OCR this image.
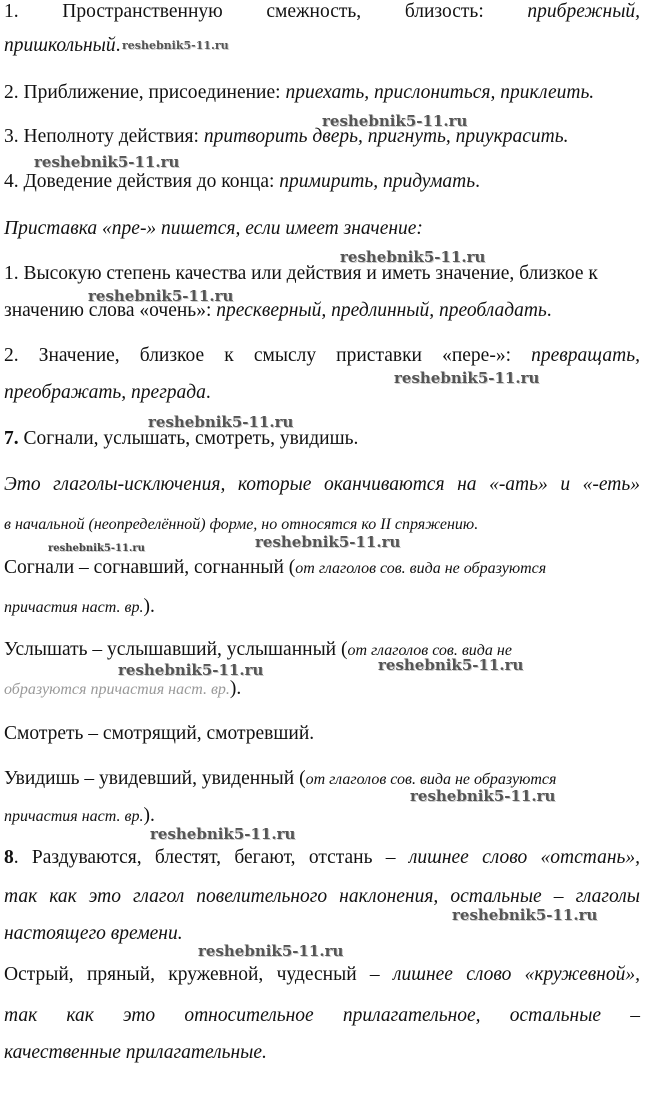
1. Пространственную смежность, близость: прибрежный,
пришкольный. reshebnik5-11.ru
2. Приближение, присоединение: приехать, прислониться, приклеить.
reshebnik5-11.ru
3. Неполноту действия: притворить дверь, пригнуть, приукрасить.
reshebnik5-11.ru
4. Доведение действия до конца: примирить, придумать.
Приставка «пре-» пишется, если имеет значение:
reshebnik5-11.ru
1. Высокую степень качества или действия и иметь значение, близкое к
reshebnik5-11.ru
значению слова «очень»: прескверный, предлинный, преобладать.
2. Значение, близкое к смыслу приставки «пере-»: превращать,
reshebnik5-11.ru
преображать, преграда.
reshebnik5-11.ru
7. Согнали, услышать, смотреть, увидишь.
Это глаголы-исключения, которые оканчиваются на «-ать» и «-еть»
в начальной (неопределённой) форме, но относятся ко II спряжению.
reshebnik5-11.ru	reshebnik5-11.ru
Согнали – согнавший, согнанный (от глаголов сов. вида не образуются
причастия наст. вр.).
Услышать – услышавший, услышанный (от глаголов сов. вида не
reshebnik5-11.ru	reshebnik5-11.ru
образуются причастия наст. вр.).
Смотреть – смотрящий, смотревший.
Увидишь – увидевший, увиденный (от глаголов сов. вида не образуются
reshebnik5-11.ru
причастия наст. вр.).
reshebnik5-11.ru
8. Раздуваются, блестят, бегают, отстань – лишнее слово «отстань»,
так как это глагол повелительного наклонения, остальные – глаголы
reshebnik5-11.ru
настоящего времени.
reshebnik5-11.ru
Острый, пряный, кружевной, чудесный – лишнее слово «кружевной»,
так как это относительное прилагательное, остальные –
качественные прилагательные.
